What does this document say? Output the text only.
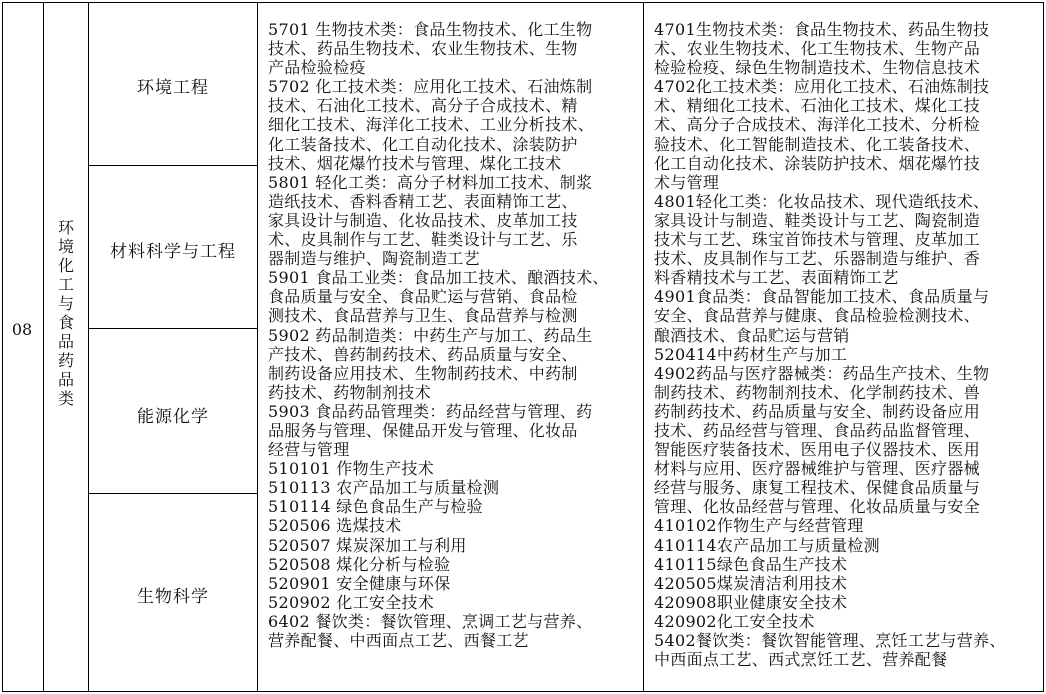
08
环
境
化
工
与
食
品
药
品
类
环境工程
材料科学与工程
能源化学
生物科学
5701 生物技术类：食品生物技术、化工生物
技术、药品生物技术、农业生物技术、生物
产品检验检疫
5702 化工技术类：应用化工技术、石油炼制
技术、石油化工技术、高分子合成技术、精
细化工技术、海洋化工技术、工业分析技术、
化工装备技术、化工自动化技术、涂装防护
技术、烟花爆竹技术与管理、煤化工技术
5801 轻化工类：高分子材料加工技术、制浆
造纸技术、香料香精工艺、表面精饰工艺、
家具设计与制造、化妆品技术、皮革加工技
术、皮具制作与工艺、鞋类设计与工艺、乐
器制造与维护、陶瓷制造工艺
5901 食品工业类：食品加工技术、酿酒技术、
食品质量与安全、食品贮运与营销、食品检
测技术、食品营养与卫生、食品营养与检测
5902 药品制造类：中药生产与加工、药品生
产技术、兽药制药技术、药品质量与安全、
制药设备应用技术、生物制药技术、中药制
药技术、药物制剂技术
5903 食品药品管理类：药品经营与管理、药
品服务与管理、保健品开发与管理、化妆品
经营与管理
510101 作物生产技术
510113 农产品加工与质量检测
510114 绿色食品生产与检验
520506 选煤技术
520507 煤炭深加工与利用
520508 煤化分析与检验
520901 安全健康与环保
520902 化工安全技术
6402 餐饮类：餐饮管理、烹调工艺与营养、
营养配餐、中西面点工艺、西餐工艺
4701生物技术类：食品生物技术、药品生物技
术、农业生物技术、化工生物技术、生物产品
检验检疫、绿色生物制造技术、生物信息技术
4702化工技术类：应用化工技术、石油炼制技
术、精细化工技术、石油化工技术、煤化工技
术、高分子合成技术、海洋化工技术、分析检
验技术、化工智能制造技术、化工装备技术、
化工自动化技术、涂装防护技术、烟花爆竹技
术与管理
4801轻化工类：化妆品技术、现代造纸技术、
家具设计与制造、鞋类设计与工艺、陶瓷制造
技术与工艺、珠宝首饰技术与管理、皮革加工
技术、皮具制作与工艺、乐器制造与维护、香
料香精技术与工艺、表面精饰工艺
4901食品类：食品智能加工技术、食品质量与
安全、食品营养与健康、食品检验检测技术、
酿酒技术、食品贮运与营销
520414中药材生产与加工
4902药品与医疗器械类：药品生产技术、生物
制药技术、药物制剂技术、化学制药技术、兽
药制药技术、药品质量与安全、制药设备应用
技术、药品经营与管理、食品药品监督管理、
智能医疗装备技术、医用电子仪器技术、医用
材料与应用、医疗器械维护与管理、医疗器械
经营与服务、康复工程技术、保健食品质量与
管理、化妆品经营与管理、化妆品质量与安全
410102作物生产与经营管理
410114农产品加工与质量检测
410115绿色食品生产技术
420505煤炭清洁利用技术
420908职业健康安全技术
420902化工安全技术
5402餐饮类：餐饮智能管理、烹饪工艺与营养、
中西面点工艺、西式烹饪工艺、营养配餐
